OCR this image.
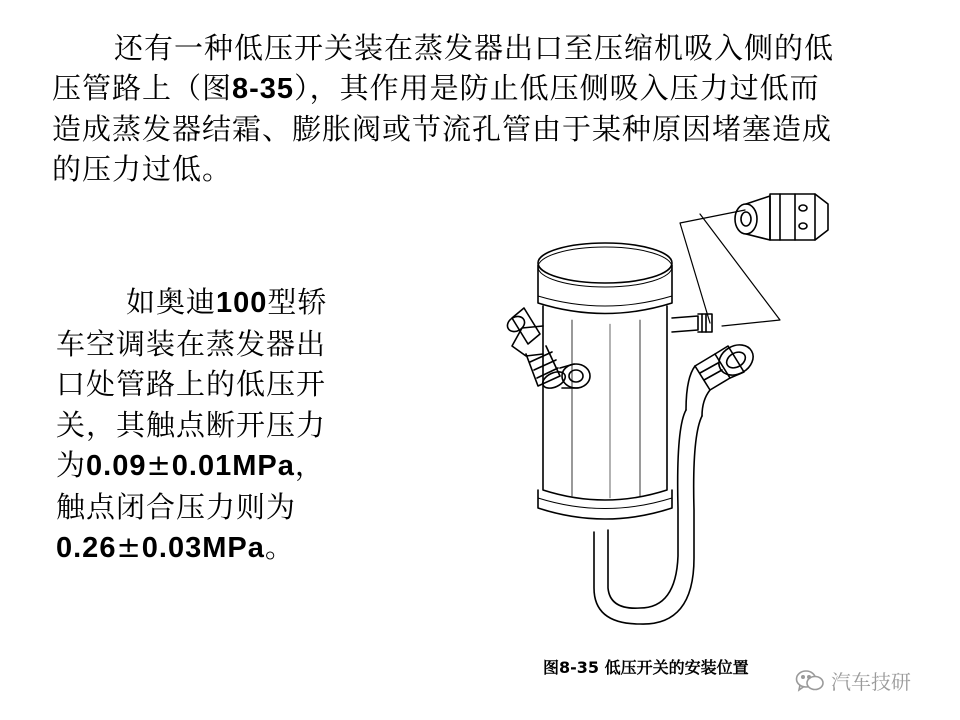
还有一种低压开关装在蒸发器出口至压缩机吸入侧的低
压管路上（图8-35），其作用是防止低压侧吸入压力过低而
造成蒸发器结霜、膨胀阀或节流孔管由于某种原因堵塞造成
的压力过低。
如奥迪100型轿
车空调装在蒸发器出
口处管路上的低压开
关，其触点断开压力
为0.09±0.01MPa，
触点闭合压力则为
0.26±0.03MPa。
图8-35 低压开关的安装位置
汽车技研
